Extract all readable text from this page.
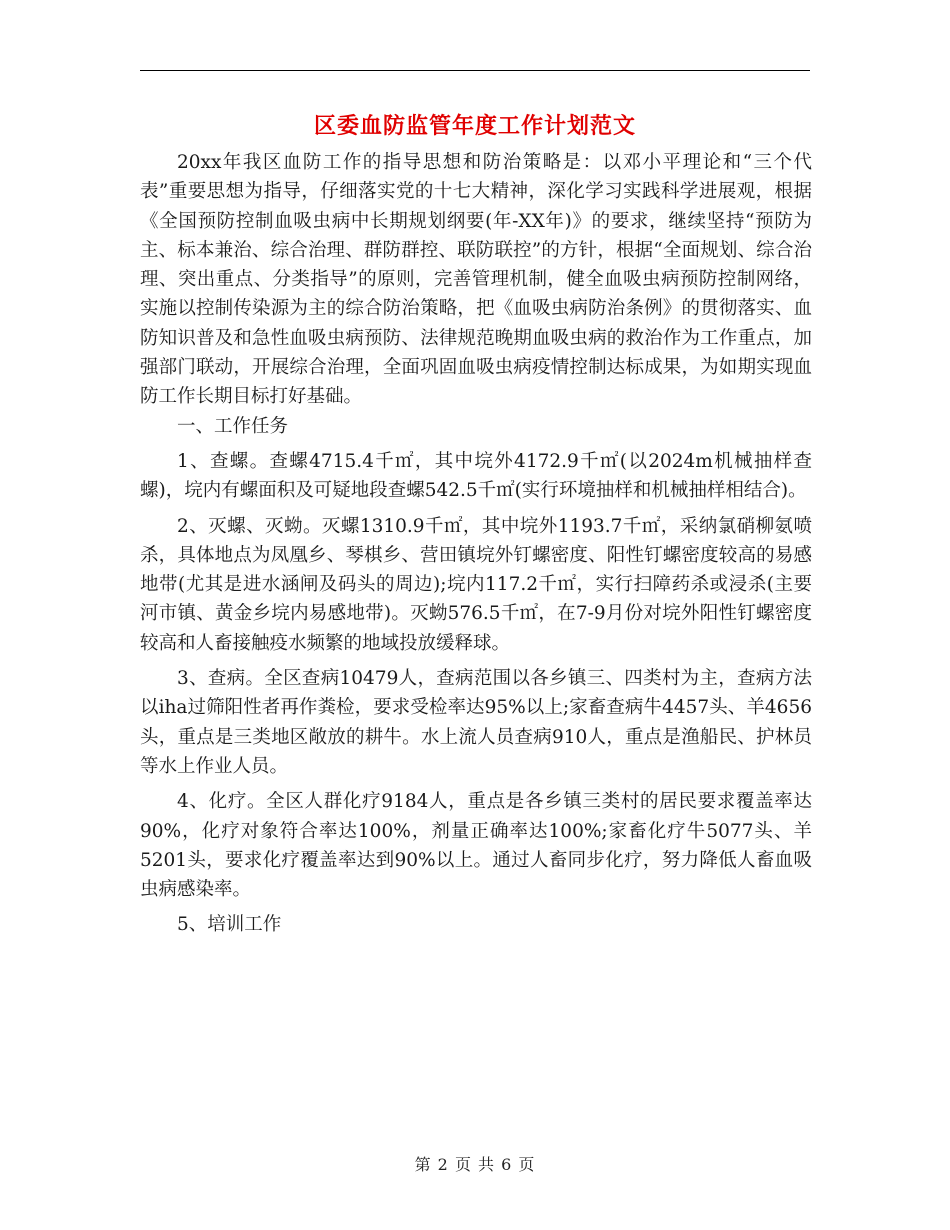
区委血防监管年度工作计划范文

20xx年我区血防工作的指导思想和防治策略是：以邓小平理论和“三个代表”重要思想为指导，仔细落实党的十七大精神，深化学习实践科学进展观，根据《全国预防控制血吸虫病中长期规划纲要(年-XX年)》的要求，继续坚持“预防为主、标本兼治、综合治理、群防群控、联防联控”的方针，根据“全面规划、综合治理、突出重点、分类指导”的原则，完善管理机制，健全血吸虫病预防控制网络，实施以控制传染源为主的综合防治策略，把《血吸虫病防治条例》的贯彻落实、血防知识普及和急性血吸虫病预防、法律规范晚期血吸虫病的救治作为工作重点，加强部门联动，开展综合治理，全面巩固血吸虫病疫情控制达标成果，为如期实现血防工作长期目标打好基础。

一、工作任务

1、查螺。查螺4715.4千㎡，其中垸外4172.9千㎡(以2024m机械抽样查螺)，垸内有螺面积及可疑地段查螺542.5千㎡(实行环境抽样和机械抽样相结合)。

2、灭螺、灭蚴。灭螺1310.9千㎡，其中垸外1193.7千㎡，采纳氯硝柳氨喷杀，具体地点为凤凰乡、琴棋乡、营田镇垸外钉螺密度、阳性钉螺密度较高的易感地带(尤其是进水涵闸及码头的周边);垸内117.2千㎡，实行扫障药杀或浸杀(主要河市镇、黄金乡垸内易感地带)。灭蚴576.5千㎡，在7-9月份对垸外阳性钉螺密度较高和人畜接触疫水频繁的地域投放缓释球。

3、查病。全区查病10479人，查病范围以各乡镇三、四类村为主，查病方法以iha过筛阳性者再作粪检，要求受检率达95%以上;家畜查病牛4457头、羊4656头，重点是三类地区敞放的耕牛。水上流人员查病910人，重点是渔船民、护林员等水上作业人员。

4、化疗。全区人群化疗9184人，重点是各乡镇三类村的居民要求覆盖率达90%，化疗对象符合率达100%，剂量正确率达100%;家畜化疗牛5077头、羊5201头，要求化疗覆盖率达到90%以上。通过人畜同步化疗，努力降低人畜血吸虫病感染率。

5、培训工作

第 2 页 共 6 页
